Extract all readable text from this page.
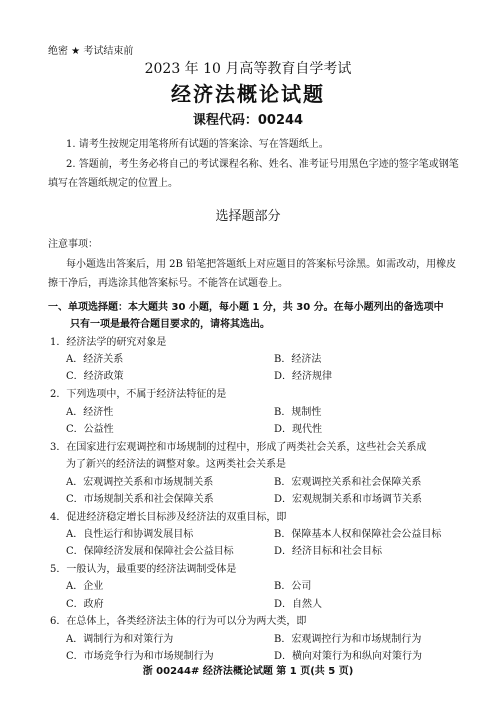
绝密 ★ 考试结束前
2023 年 10 月高等教育自学考试
经济法概论试题
课程代码：00244
1. 请考生按规定用笔将所有试题的答案涂、写在答题纸上。
2. 答题前，考生务必将自己的考试课程名称、姓名、准考证号用黑色字迹的签字笔或钢笔
填写在答题纸规定的位置上。
选择题部分
注意事项：
每小题选出答案后，用 2B 铅笔把答题纸上对应题目的答案标号涂黑。如需改动，用橡皮
擦干净后，再选涂其他答案标号。不能答在试题卷上。
一、单项选择题：本大题共 30 小题，每小题 1 分，共 30 分。在每小题列出的备选项中
只有一项是最符合题目要求的，请将其选出。
1．经济法学的研究对象是
A．经济关系	B．经济法
C．经济政策	D．经济规律
2．下列选项中，不属于经济法特征的是
A．经济性	B．规制性
C．公益性	D．现代性
3．在国家进行宏观调控和市场规制的过程中，形成了两类社会关系，这些社会关系成
为了新兴的经济法的调整对象。这两类社会关系是
A．宏观调控关系和市场规制关系	B．宏观调控关系和社会保障关系
C．市场规制关系和社会保障关系	D．宏观规制关系和市场调节关系
4．促进经济稳定增长目标涉及经济法的双重目标，即
A．良性运行和协调发展目标	B．保障基本人权和保障社会公益目标
C．保障经济发展和保障社会公益目标	D．经济目标和社会目标
5．一般认为，最重要的经济法调制受体是
A．企业	B．公司
C．政府	D．自然人
6．在总体上，各类经济法主体的行为可以分为两大类，即
A．调制行为和对策行为	B．宏观调控行为和市场规制行为
C．市场竞争行为和市场规制行为	D．横向对策行为和纵向对策行为
浙 00244# 经济法概论试题 第 1 页(共 5 页)
